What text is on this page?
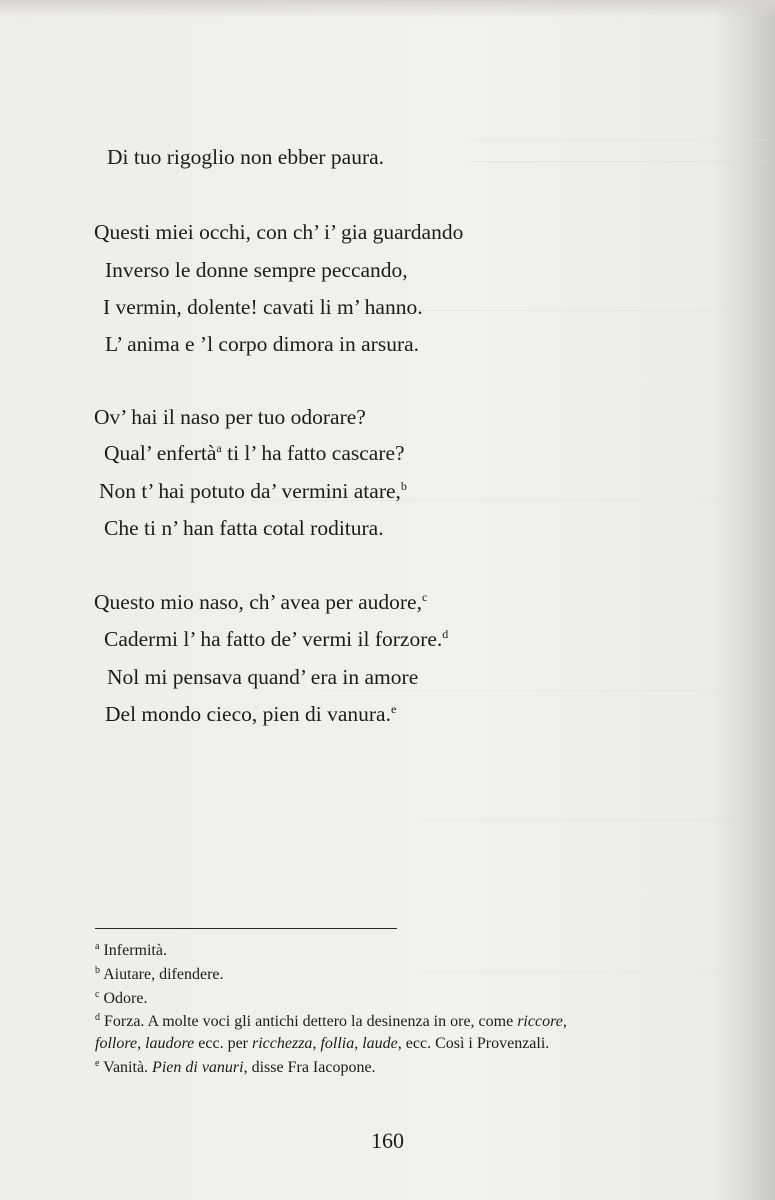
Di tuo rigoglio non ebber paura.
Questi miei occhi, con ch’ i’ gia guardando
Inverso le donne sempre peccando,
I vermin, dolente! cavati li m’ hanno.
L’ anima e ’l corpo dimora in arsura.
Ov’ hai il naso per tuo odorare?
Qual’ enfertà$^a$ ti l’ ha fatto cascare?
Non t’ hai potuto da’ vermini atare,$^b$
Che ti n’ han fatta cotal roditura.
Questo mio naso, ch’ avea per audore,$^c$
Cadermi l’ ha fatto de’ vermi il forzore.$^d$
Nol mi pensava quand’ era in amore
Del mondo cieco, pien di vanura.$^e$
$^a$ Infermità.
$^b$ Aiutare, difendere.
$^c$ Odore.
$^d$ Forza. A molte voci gli antichi dettero la desinenza in ore, come riccore,
follore, laudore ecc. per ricchezza, follia, laude, ecc. Così i Provenzali.
$^e$ Vanità. Pien di vanuri, disse Fra Iacopone.
160
